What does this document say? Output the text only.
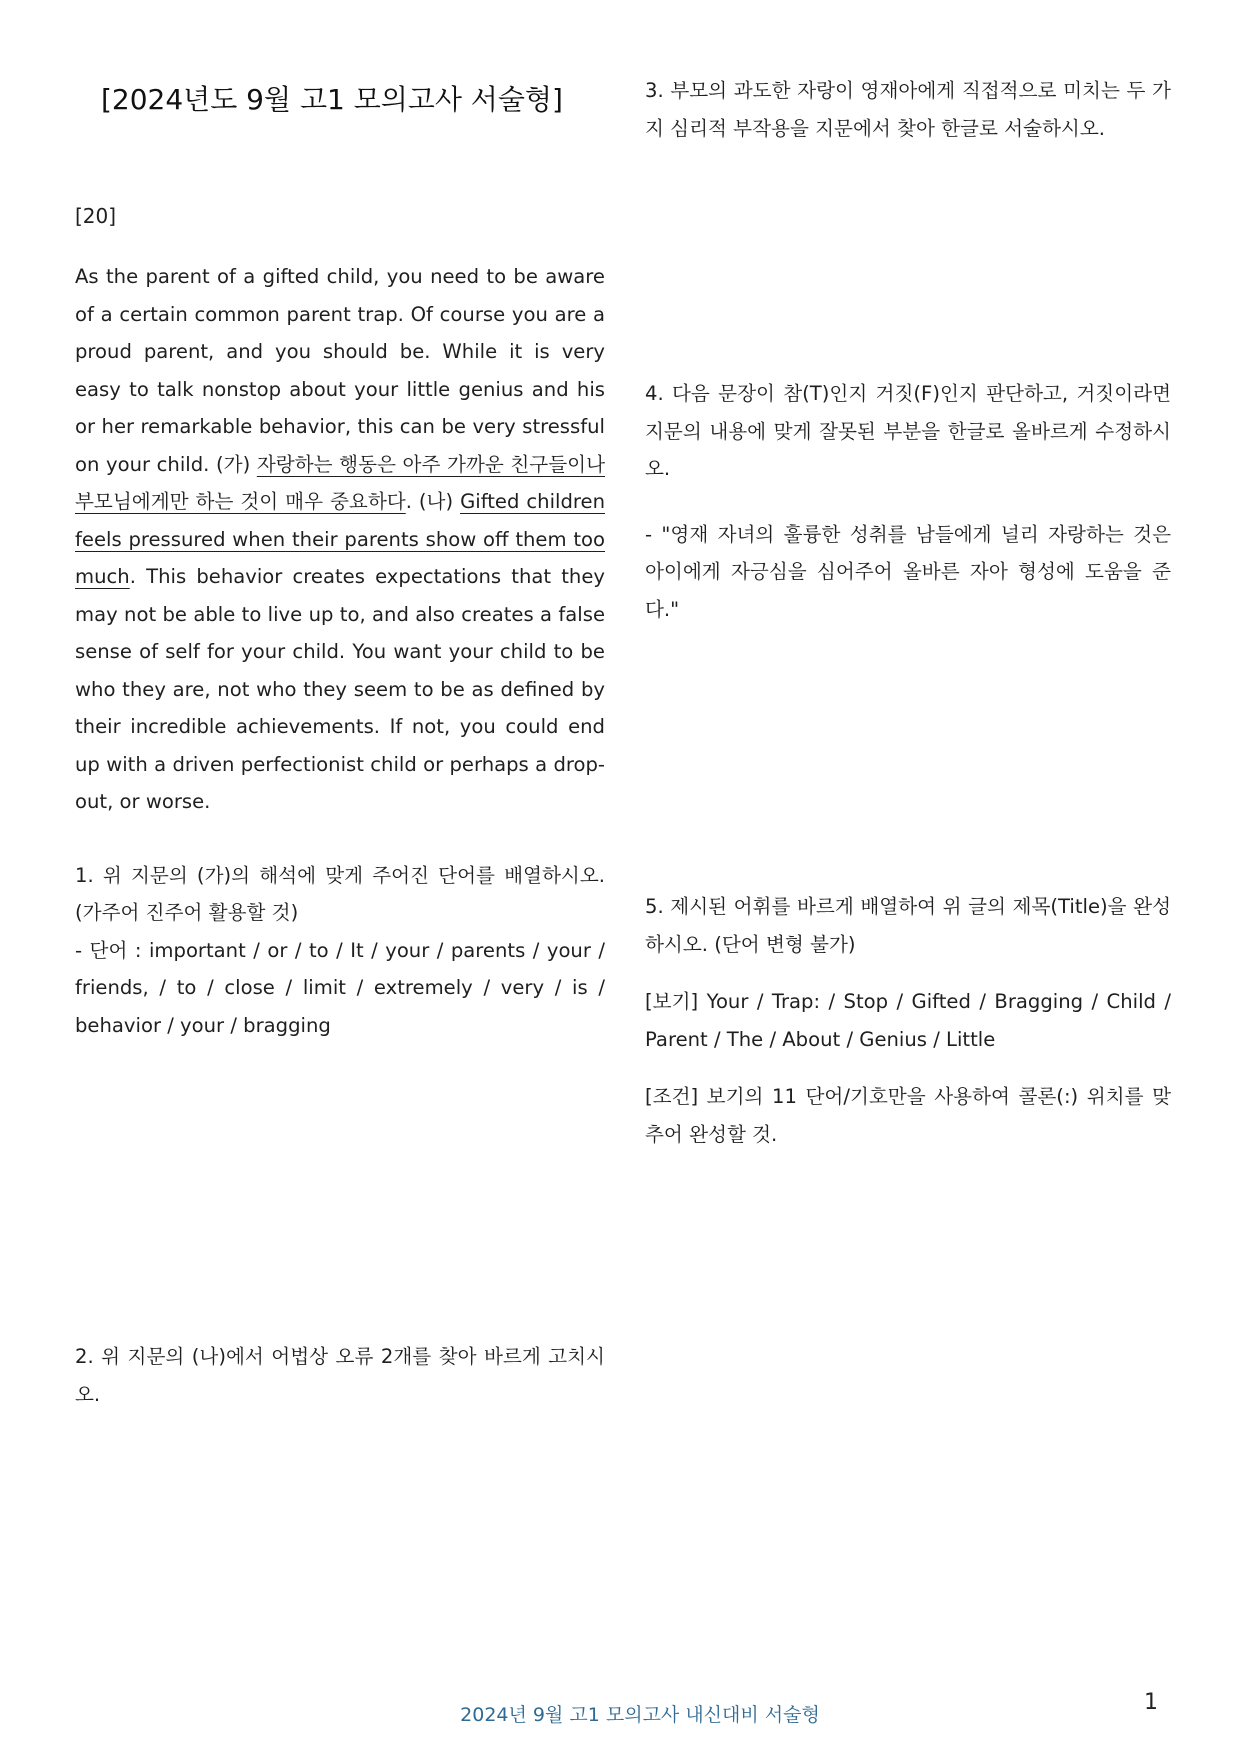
[2024년도 9월 고1 모의고사 서술형]
[20]
As the parent of a gifted child, you need to be aware of a certain common parent trap. Of course you are a proud parent, and you should be. While it is very easy to talk nonstop about your little genius and his or her remarkable behavior, this can be very stressful on your child. (가) 자랑하는 행동은 아주 가까운 친구들이나 부모님에게만 하는 것이 매우 중요하다. (나) Gifted children feels pressured when their parents show off them too much. This behavior creates expectations that they may not be able to live up to, and also creates a false sense of self for your child. You want your child to be who they are, not who they seem to be as defined by their incredible achievements. If not, you could end up with a driven perfectionist child or perhaps a drop-out, or worse.
1. 위 지문의 (가)의 해석에 맞게 주어진 단어를 배열하시오. (가주어 진주어 활용할 것)
- 단어 : important / or / to / It / your / parents / your / friends, / to / close / limit / extremely / very / is / behavior / your / bragging
2. 위 지문의 (나)에서 어법상 오류 2개를 찾아 바르게 고치시오.
3. 부모의 과도한 자랑이 영재아에게 직접적으로 미치는 두 가지 심리적 부작용을 지문에서 찾아 한글로 서술하시오.
4. 다음 문장이 참(T)인지 거짓(F)인지 판단하고, 거짓이라면 지문의 내용에 맞게 잘못된 부분을 한글로 올바르게 수정하시오.
- "영재 자녀의 훌륭한 성취를 남들에게 널리 자랑하는 것은 아이에게 자긍심을 심어주어 올바른 자아 형성에 도움을 준다."
5. 제시된 어휘를 바르게 배열하여 위 글의 제목(Title)을 완성하시오. (단어 변형 불가)
[보기] Your / Trap: / Stop / Gifted / Bragging / Child / Parent / The / About / Genius / Little
[조건] 보기의 11 단어/기호만을 사용하여 콜론(:) 위치를 맞추어 완성할 것.
2024년 9월 고1 모의고사 내신대비 서술형	1
